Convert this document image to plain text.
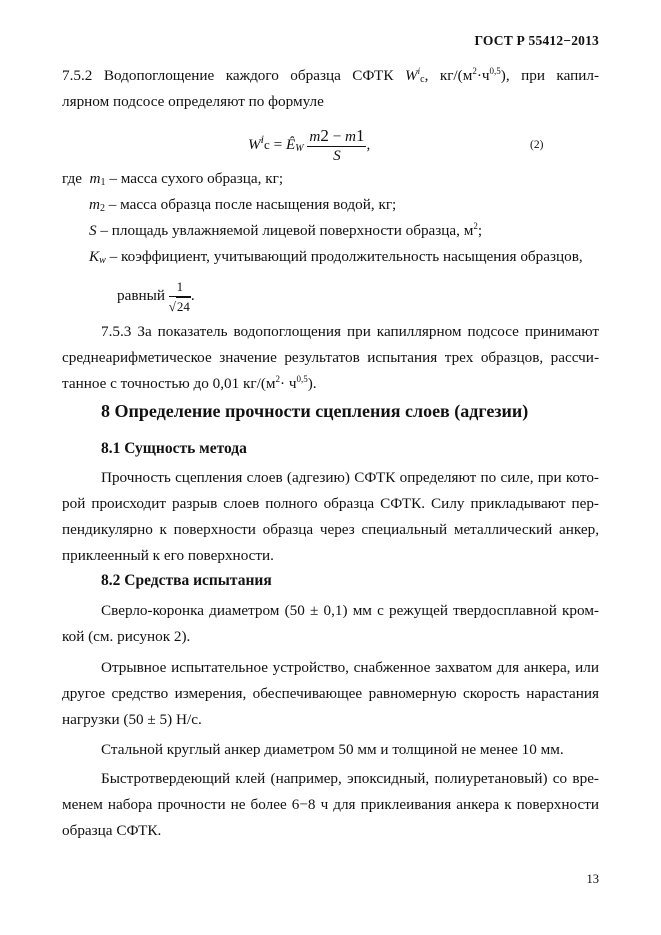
ГОСТ Р 55412−2013
7.5.2 Водопоглощение каждого образца СФТК $W^i_с$, $кг/(м^2\cdot ч^{0,5})$, при капил-
лярном подсосе определяют по формуле
$W^iс$ = $Ê_W \frac{m2 - m1}{S}$ ,	(2)
где $m_1$ – масса сухого образца, кг;
$m_2$ – масса образца после насыщения водой, кг;
S – площадь увлажняемой лицевой поверхности образца, $м^2$;
$K_w$ – коэффициент, учитывающий продолжительность насыщения образцов,
равный $\frac{1}{√24}$ .
7.5.3 За показатель водопоглощения при капиллярном подсосе принимают
среднеарифметическое значение результатов испытания трех образцов, рассчи-
танное с точностью до 0,01 $кг/(м^2\cdot ч^{0,5})$.
8 Определение прочности сцепления слоев (адгезии)
8.1 Сущность метода
Прочность сцепления слоев (адгезию) СФТК определяют по силе, при кото-
рой происходит разрыв слоев полного образца СФТК. Силу прикладывают пер-
пендикулярно к поверхности образца через специальный металлический анкер,
приклеенный к его поверхности.
8.2 Средства испытания
Сверло-коронка диаметром (50 ± 0,1) мм с режущей твердосплавной кром-
кой (см. рисунок 2).
Отрывное испытательное устройство, снабженное захватом для анкера, или
другое средство измерения, обеспечивающее равномерную скорость нарастания
нагрузки (50 ± 5) Н/с.
Стальной круглый анкер диаметром 50 мм и толщиной не менее 10 мм.
Быстротвердеющий клей (например, эпоксидный, полиуретановый) со вре-
менем набора прочности не более 6−8 ч для приклеивания анкера к поверхности
образца СФТК.
13
